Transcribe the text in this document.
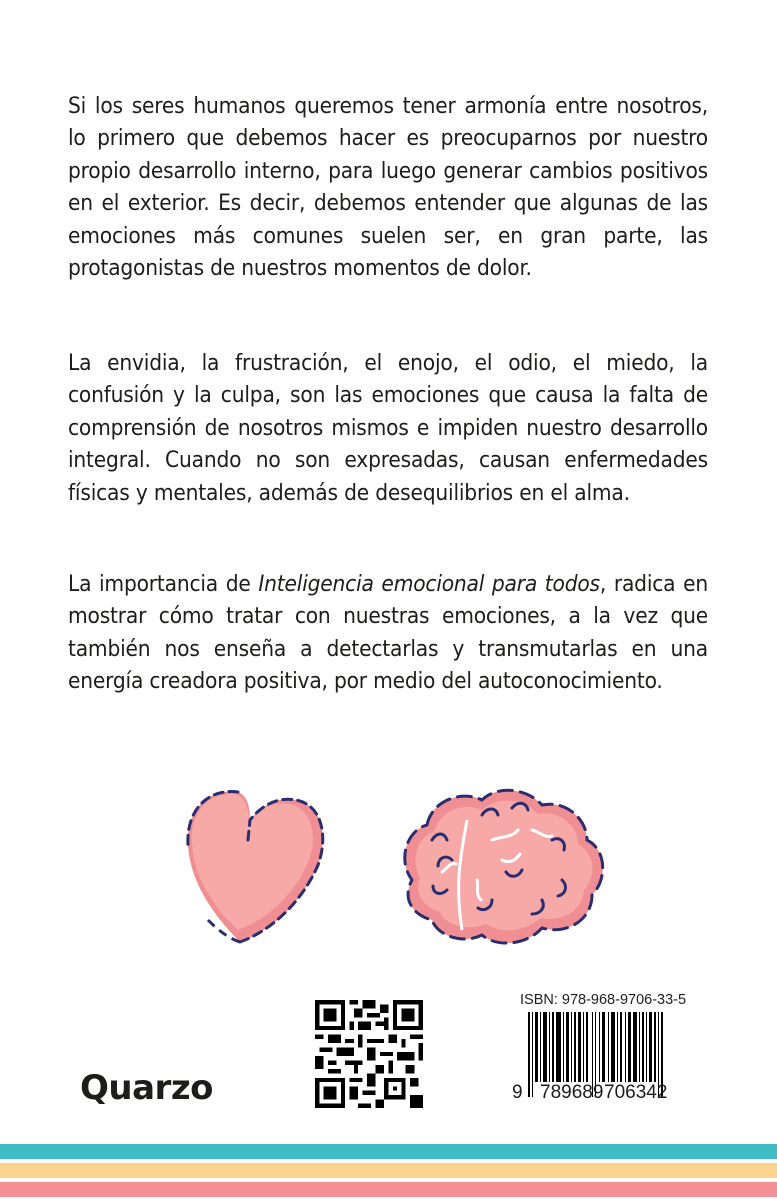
Si los seres humanos queremos tener armonía entre nosotros, lo primero que debemos hacer es preocuparnos por nuestro propio desarrollo interno, para luego generar cambios positivos en el exterior. Es decir, debemos entender que algunas de las emociones más comunes suelen ser, en gran parte, las protagonistas de nuestros momentos de dolor.

La envidia, la frustración, el enojo, el odio, el miedo, la confusión y la culpa, son las emociones que causa la falta de comprensión de nosotros mismos e impiden nuestro desarrollo integral. Cuando no son expresadas, causan enfermedades físicas y mentales, además de desequilibrios en el alma.

La importancia de Inteligencia emocional para todos, radica en mostrar cómo tratar con nuestras emociones, a la vez que también nos enseña a detectarlas y transmutarlas en una energía creadora positiva, por medio del autoconocimiento.

Quarzo
ISBN: 978-968-9706-33-5
9 789689 706342
